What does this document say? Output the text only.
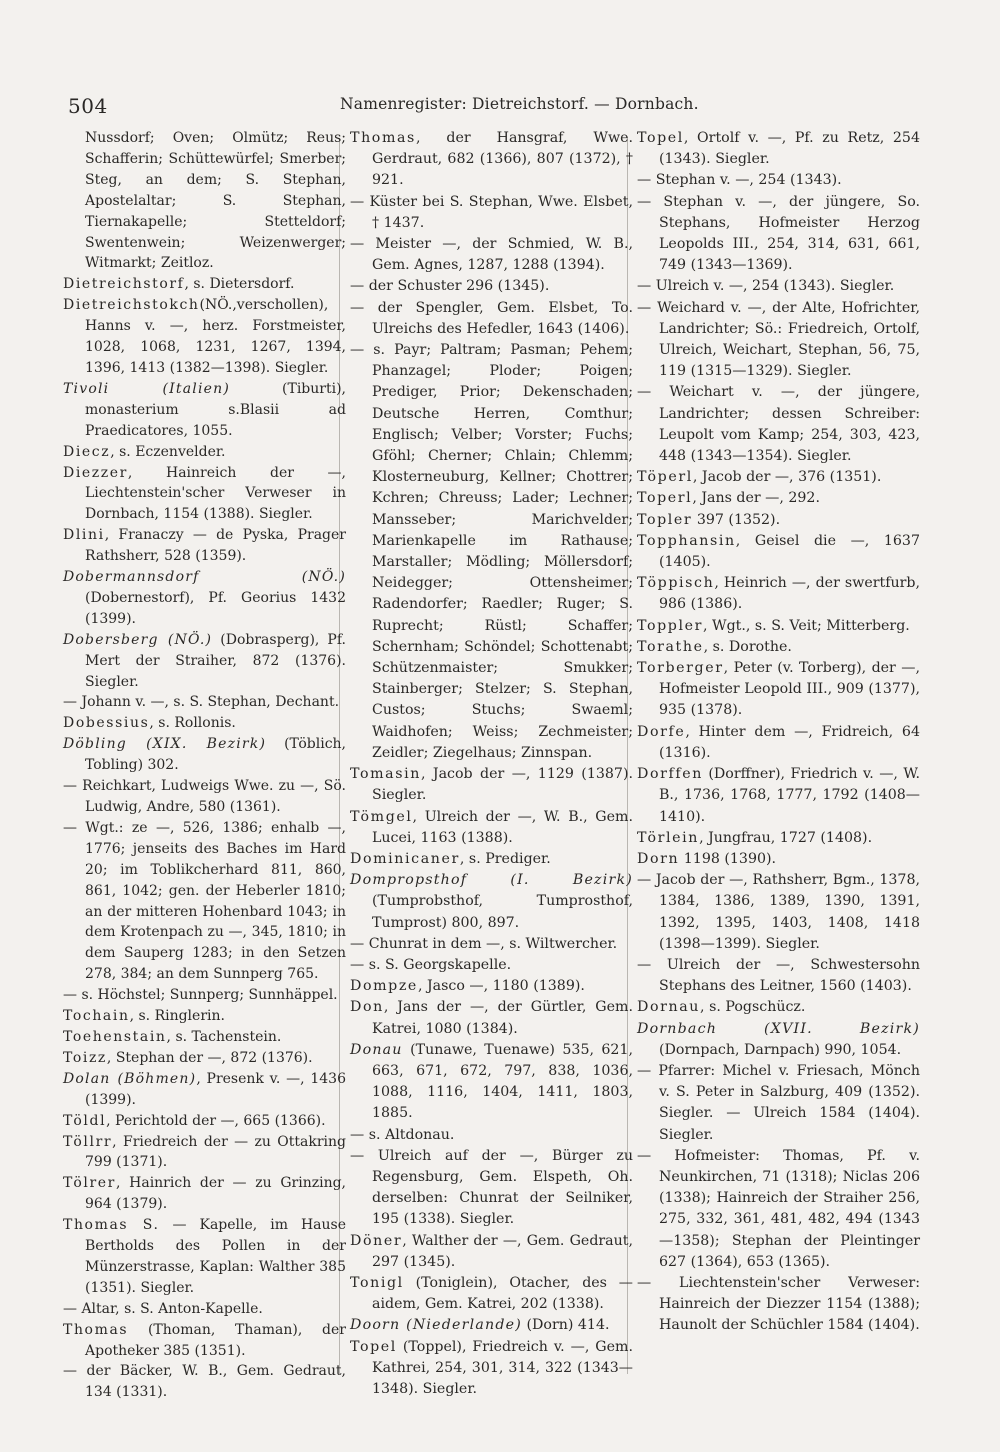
504	Namenregister: Dietreichstorf. — Dornbach.

Nussdorf; Oven; Olmütz; Reus; Schafferin; Schüttewürfel; Smerber; Steg, an dem; S. Stephan, Apostelaltar; S. Stephan, Tiernakapelle; Stetteldorf; Swentenwein; Weizenwerger; Witmarkt; Zeitloz.

Dietreichstorf, s. Dietersdorf.

Dietreichstokch(NÖ.,verschollen), Hanns v. —, herz. Forstmeister, 1028, 1068, 1231, 1267, 1394, 1396, 1413 (1382—1398). Siegler.

Tivoli (Italien) (Tiburti), monasterium s.Blasii ad Praedicatores, 1055.

Diecz, s. Eczenvelder.

Diezzer, Hainreich der —, Liechtenstein'scher Verweser in Dornbach, 1154 (1388). Siegler.

Dlini, Franaczy — de Pyska, Prager Rathsherr, 528 (1359).

Dobermannsdorf (NÖ.) (Dobernestorf), Pf. Georius 1432 (1399).

Dobersberg (NÖ.) (Dobrasperg), Pf. Mert der Straiher, 872 (1376). Siegler.

— Johann v. —, s. S. Stephan, Dechant.

Dobessius, s. Rollonis.

Döbling (XIX. Bezirk) (Töblich, Tobling) 302.

— Reichkart, Ludweigs Wwe. zu —, Sö. Ludwig, Andre, 580 (1361).

— Wgt.: ze —, 526, 1386; enhalb —, 1776; jenseits des Baches im Hard 20; im Toblikcherhard 811, 860, 861, 1042; gen. der Heberler 1810; an der mitteren Hohenbard 1043; in dem Krotenpach zu —, 345, 1810; in dem Sauperg 1283; in den Setzen 278, 384; an dem Sunnperg 765.

— s. Höchstel; Sunnperg; Sunnhäppel.

Tochain, s. Ringlerin.

Toehenstain, s. Tachenstein.

Toizz, Stephan der —, 872 (1376).

Dolan (Böhmen), Presenk v. —, 1436 (1399).

Töldl, Perichtold der —, 665 (1366).

Töllrr, Friedreich der — zu Ottakring 799 (1371).

Tölrer, Hainrich der — zu Grinzing, 964 (1379).

Thomas S. — Kapelle, im Hause Bertholds des Pollen in der Münzerstrasse, Kaplan: Walther 385 (1351). Siegler.

— Altar, s. S. Anton-Kapelle.

Thomas (Thoman, Thaman), der Apotheker 385 (1351).

— der Bäcker, W. B., Gem. Gedraut, 134 (1331).

Thomas, der Hansgraf, Wwe. Gerdraut, 682 (1366), 807 (1372), † 921.

— Küster bei S. Stephan, Wwe. Elsbet, † 1437.

— Meister —, der Schmied, W. B., Gem. Agnes, 1287, 1288 (1394).

— der Schuster 296 (1345).

— der Spengler, Gem. Elsbet, To. Ulreichs des Hefedler, 1643 (1406).

— s. Payr; Paltram; Pasman; Pehem; Phanzagel; Ploder; Poigen; Prediger, Prior; Dekenschaden; Deutsche Herren, Comthur; Englisch; Velber; Vorster; Fuchs; Gföhl; Cherner; Chlain; Chlemm; Klosterneuburg, Kellner; Chottrer; Kchren; Chreuss; Lader; Lechner; Mansseber; Marichvelder; Marienkapelle im Rathause; Marstaller; Mödling; Möllersdorf; Neidegger; Ottensheimer; Radendorfer; Raedler; Ruger; S. Ruprecht; Rüstl; Schaffer; Schernham; Schöndel; Schottenabt; Schützenmaister; Smukker; Stainberger; Stelzer; S. Stephan, Custos; Stuchs; Swaeml; Waidhofen; Weiss; Zechmeister; Zeidler; Ziegelhaus; Zinnspan.

Tomasin, Jacob der —, 1129 (1387). Siegler.

Tömgel, Ulreich der —, W. B., Gem. Lucei, 1163 (1388).

Dominicaner, s. Prediger.

Dompropsthof (I. Bezirk) (Tumprobsthof, Tumprosthof, Tumprost) 800, 897.

— Chunrat in dem —, s. Wiltwercher.

— s. S. Georgskapelle.

Dompze, Jasco —, 1180 (1389).

Don, Jans der —, der Gürtler, Gem. Katrei, 1080 (1384).

Donau (Tunawe, Tuenawe) 535, 621, 663, 671, 672, 797, 838, 1036, 1088, 1116, 1404, 1411, 1803, 1885.

— s. Altdonau.

— Ulreich auf der —, Bürger zu Regensburg, Gem. Elspeth, Oh. derselben: Chunrat der Seilniker, 195 (1338). Siegler.

Döner, Walther der —, Gem. Gedraut, 297 (1345).

Tonigl (Toniglein), Otacher, des — aidem, Gem. Katrei, 202 (1338).

Doorn (Niederlande) (Dorn) 414.

Topel (Toppel), Friedreich v. —, Gem. Kathrei, 254, 301, 314, 322 (1343—1348). Siegler.

Topel, Ortolf v. —, Pf. zu Retz, 254 (1343). Siegler.

— Stephan v. —, 254 (1343).

— Stephan v. —, der jüngere, So. Stephans, Hofmeister Herzog Leopolds III., 254, 314, 631, 661, 749 (1343—1369).

— Ulreich v. —, 254 (1343). Siegler.

— Weichard v. —, der Alte, Hofrichter, Landrichter; Sö.: Friedreich, Ortolf, Ulreich, Weichart, Stephan, 56, 75, 119 (1315—1329). Siegler.

— Weichart v. —, der jüngere, Landrichter; dessen Schreiber: Leupolt vom Kamp; 254, 303, 423, 448 (1343—1354). Siegler.

Töperl, Jacob der —, 376 (1351).

Toperl, Jans der —, 292.

Topler 397 (1352).

Topphansin, Geisel die —, 1637 (1405).

Töppisch, Heinrich —, der swertfurb, 986 (1386).

Toppler, Wgt., s. S. Veit; Mitterberg.

Torathe, s. Dorothe.

Torberger, Peter (v. Torberg), der —, Hofmeister Leopold III., 909 (1377), 935 (1378).

Dorfe, Hinter dem —, Fridreich, 64 (1316).

Dorffen (Dorffner), Friedrich v. —, W. B., 1736, 1768, 1777, 1792 (1408—1410).

Törlein, Jungfrau, 1727 (1408).

Dorn 1198 (1390).

— Jacob der —, Rathsherr, Bgm., 1378, 1384, 1386, 1389, 1390, 1391, 1392, 1395, 1403, 1408, 1418 (1398—1399). Siegler.

— Ulreich der —, Schwestersohn Stephans des Leitner, 1560 (1403).

Dornau, s. Pogschücz.

Dornbach (XVII. Bezirk) (Dornpach, Darnpach) 990, 1054.

— Pfarrer: Michel v. Friesach, Mönch v. S. Peter in Salzburg, 409 (1352). Siegler. — Ulreich 1584 (1404). Siegler.

— Hofmeister: Thomas, Pf. v. Neunkirchen, 71 (1318); Niclas 206 (1338); Hainreich der Straiher 256, 275, 332, 361, 481, 482, 494 (1343—1358); Stephan der Pleintinger 627 (1364), 653 (1365).

— Liechtenstein'scher Verweser: Hainreich der Diezzer 1154 (1388); Haunolt der Schüchler 1584 (1404).
